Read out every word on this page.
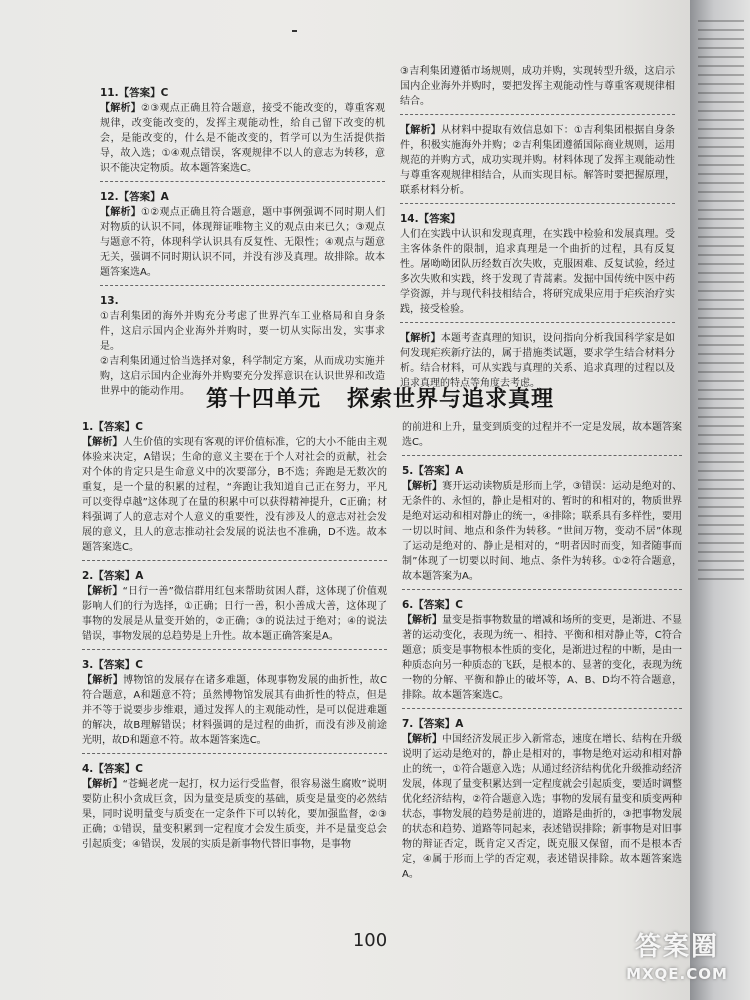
11.【答案】C

【解析】②③观点正确且符合题意，接受不能改变的，尊重客观规律，改变能改变的，发挥主观能动性，给自己留下改变的机会，是能改变的，什么是不能改变的，哲学可以为生活提供指导，故入选；①④观点错误，客观规律不以人的意志为转移，意识不能决定物质。故本题答案选C。

12.【答案】A

【解析】①②观点正确且符合题意，题中事例强调不同时期人们对物质的认识不同，体现辩证唯物主义的观点由来已久；③观点与题意不符，体现科学认识具有反复性、无限性；④观点与题意无关，强调不同时期认识不同，并没有涉及真理。故排除。故本题答案选A。

13.

①吉利集团的海外并购充分考虑了世界汽车工业格局和自身条件，这启示国内企业海外并购时，要一切从实际出发，实事求是。

②吉利集团通过恰当选择对象，科学制定方案，从而成功实施并购，这启示国内企业海外并购要充分发挥意识在认识世界和改造世界中的能动作用。

③吉利集团遵循市场规则，成功并购，实现转型升级，这启示国内企业海外并购时，要把发挥主观能动性与尊重客观规律相结合。

【解析】从材料中提取有效信息如下：①吉利集团根据自身条件，积极实施海外并购；②吉利集团遵循国际商业规则，运用规范的并购方式，成功实现并购。材料体现了发挥主观能动性与尊重客观规律相结合，从而实现目标。解答时要把握原理，联系材料分析。

14.【答案】

人们在实践中认识和发现真理，在实践中检验和发展真理。受主客体条件的限制，追求真理是一个曲折的过程，具有反复性。屠呦呦团队历经数百次失败，克服困难、反复试验，经过多次失败和实践，终于发现了青蒿素。发掘中国传统中医中药学资源，并与现代科技相结合，将研究成果应用于疟疾治疗实践，接受检验。

【解析】本题考查真理的知识，设问指向分析我国科学家是如何发现疟疾新疗法的，属于措施类试题，要求学生结合材料分析。结合材料，可从实践与真理的关系、追求真理的过程以及追求真理的特点等角度去考虑。

第十四单元 探索世界与追求真理
1.【答案】C

【解析】人生价值的实现有客观的评价值标准，它的大小不能由主观体验来决定，A错误；生命的意义主要在于个人对社会的贡献，社会对个体的肯定只是生命意义中的次要部分，B不选；奔跑是无数次的重复，是一个量的积累的过程，“奔跑让我知道自己正在努力，平凡可以变得卓越”这体现了在量的积累中可以获得精神提升，C正确；材料强调了人的意志对个人意义的重要性，没有涉及人的意志对社会发展的意义，且人的意志推动社会发展的说法也不准确，D不选。故本题答案选C。

2.【答案】A

【解析】“日行一善”微信群用红包来帮助贫困人群，这体现了价值观影响人们的行为选择，①正确；日行一善，积小善成大善，这体现了事物的发展是从量变开始的，②正确；③的说法过于绝对；④的说法错误，事物发展的总趋势是上升性。故本题正确答案是A。

3.【答案】C

【解析】博物馆的发展存在诸多难题，体现事物发展的曲折性，故C符合题意，A和题意不符；虽然博物馆发展其有曲折性的特点，但是并不等于说要步步维艰，通过发挥人的主观能动性，是可以促进难题的解决，故B理解错误；材料强调的是过程的曲折，而没有涉及前途光明，故D和题意不符。故本题答案选C。

4.【答案】C

【解析】“苍蝇老虎一起打，权力运行受监督，很容易滋生腐败”说明要防止积小贪成巨贪，因为量变是质变的基础，质变是量变的必然结果，同时说明量变与质变在一定条件下可以转化，要加强监督，②③正确；①错误，量变积累到一定程度才会发生质变，并不是量变总会引起质变；④错误，发展的实质是新事物代替旧事物，是事物

的前进和上升，量变到质变的过程并不一定是发展，故本题答案选C。

5.【答案】A

【解析】赛开运动读物质是形而上学，③错误：运动是绝对的、无条件的、永恒的，静止是相对的、暂时的和相对的，物质世界是绝对运动和相对静止的统一，④排除；联系具有多样性，要用一切以时间、地点和条件为转移。“世间万物，变动不居”体现了运动是绝对的、静止是相对的，“明者因时而变，知者随事而制”体现了一切要以时间、地点、条件为转移。①②符合题意，故本题答案为A。

6.【答案】C

【解析】量变是指事物数量的增减和场所的变更，是渐进、不显著的运动变化，表现为统一、相持、平衡和相对静止等，C符合题意；质变是事物根本性质的变化，是渐进过程的中断，是由一种质态向另一种质态的飞跃，是根本的、显著的变化，表现为统一物的分解、平衡和静止的破坏等，A、B、D均不符合题意，排除。故本题答案选C。

7.【答案】A

【解析】中国经济发展正步入新常态，速度在增长、结构在升级说明了运动是绝对的，静止是相对的，事物是绝对运动和相对静止的统一，①符合题意入选；从通过经济结构优化升级推动经济发展，体现了量变积累达到一定程度就会引起质变，要适时调整优化经济结构，②符合题意入选；事物的发展有量变和质变两种状态，事物发展的趋势是前进的，道路是曲折的，③把事物发展的状态和趋势、道路等同起来，表述错误排除；新事物是对旧事物的辩证否定，既肯定又否定，既克服又保留，而不是根本否定，④属于形而上学的否定观，表述错误排除。故本题答案选A。

100	答案圈
MXQE.COM
